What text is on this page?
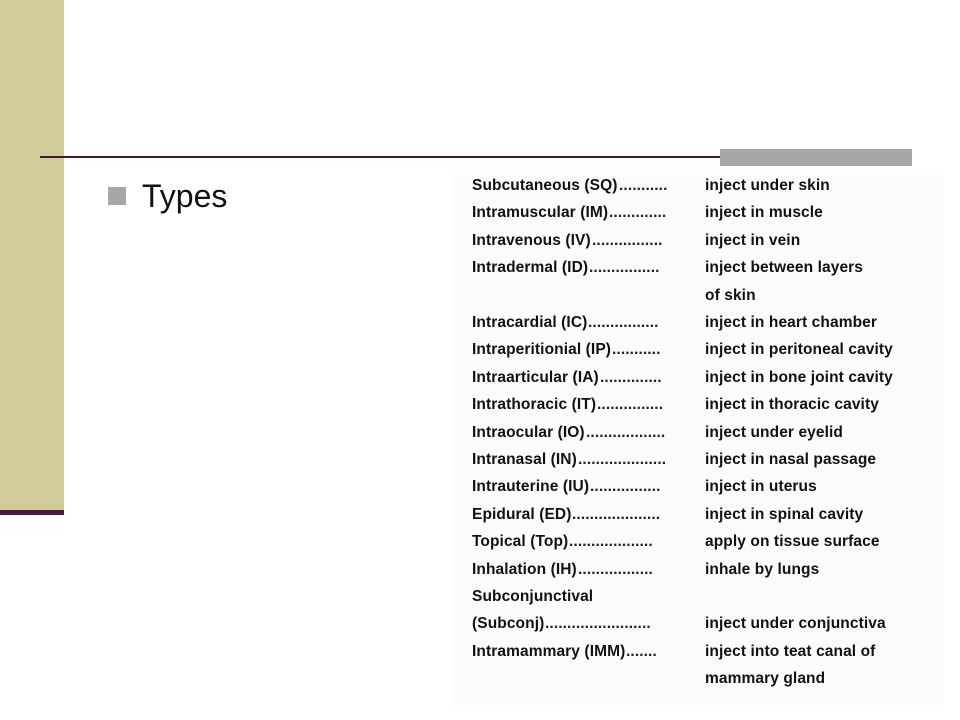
Types	Subcutaneous (SQ) ........... inject under skin
Intramuscular (IM) ............. inject in muscle
Intravenous (IV) ................	inject in vein
Intradermal (ID) ................	inject between layers
of skin
Intracardial (IC) ................	inject in heart chamber
Intraperitionial (IP) ...........	inject in peritoneal cavity
Intraarticular (IA) ..............	inject in bone joint cavity
Intrathoracic (IT) ...............	inject in thoracic cavity
Intraocular (IO) ..................	inject under eyelid
Intranasal (IN) ....................	inject in nasal passage
Intrauterine (IU) ................	inject in uterus
Epidural (ED) ....................	inject in spinal cavity
Topical (Top) ...................	apply on tissue surface
Inhalation (IH) .................	inhale by lungs
Subconjunctival
(Subconj) ........................	inject under conjunctiva
Intramammary (IMM) .......	inject into teat canal of
mammary gland
